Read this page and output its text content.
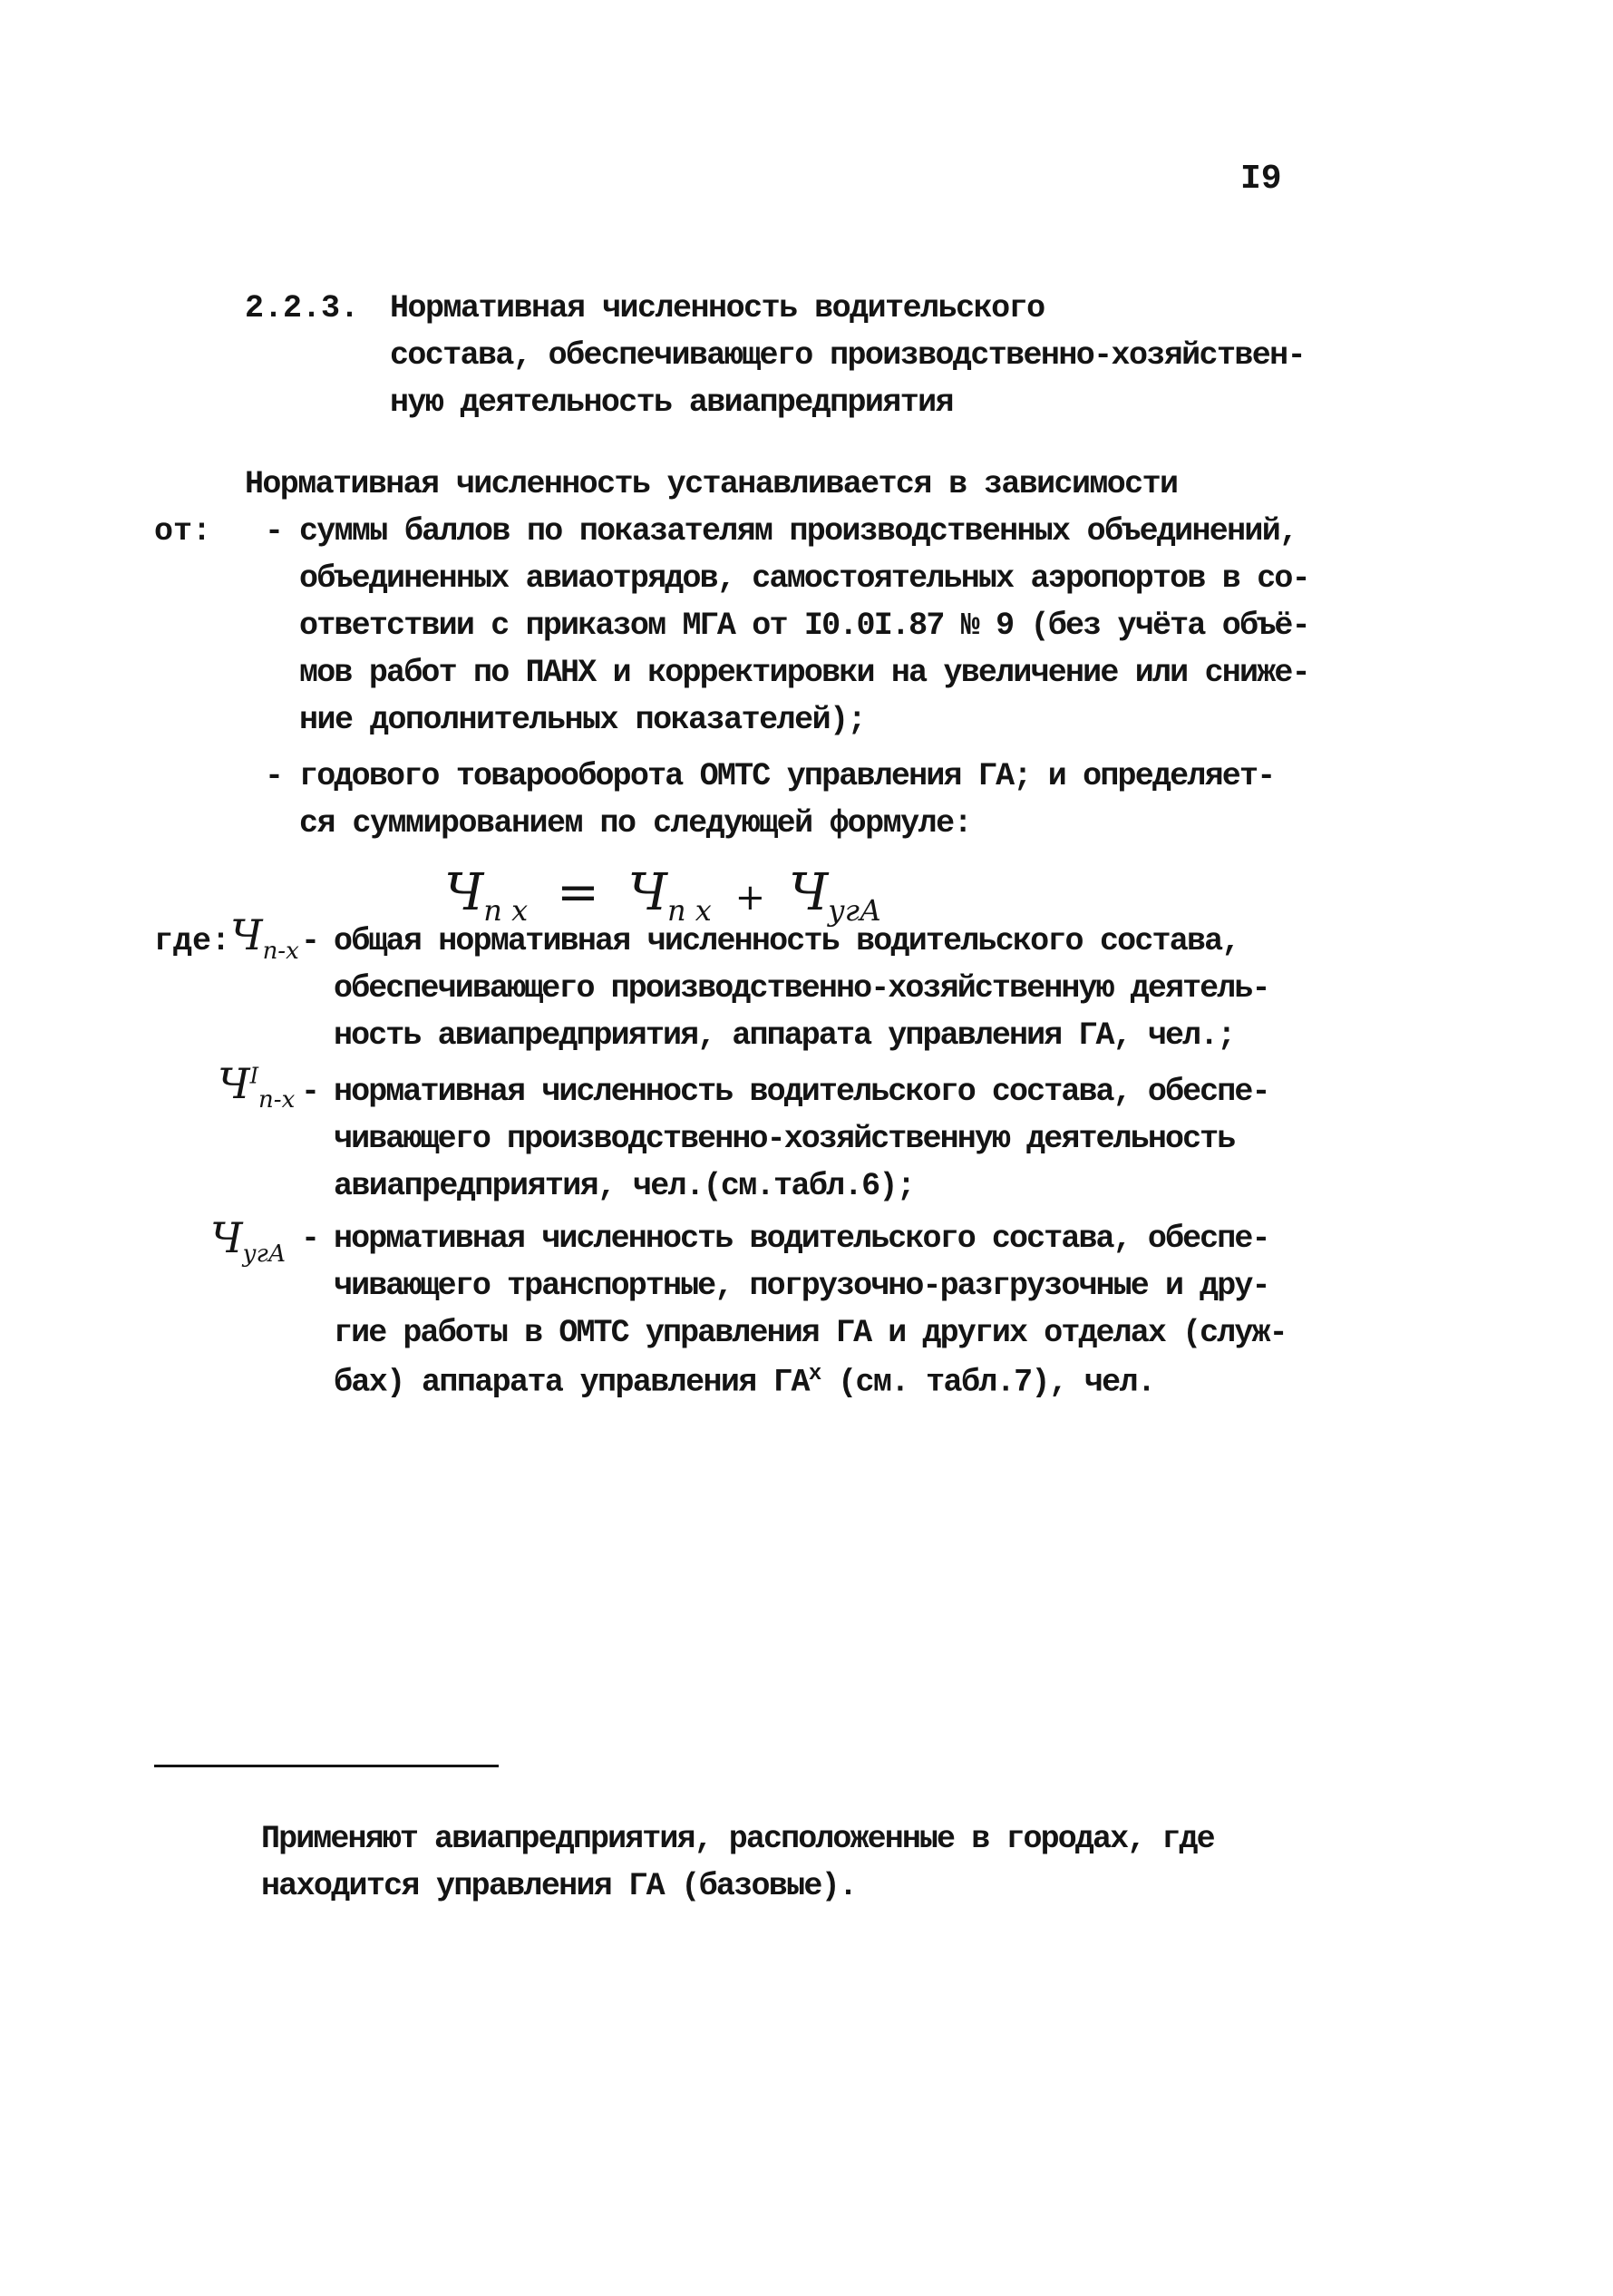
I9
2.2.3. Нормативная численность водительского
состава, обеспечивающего производственно-хозяйствен-
ную деятельность авиапредприятия
Нормативная численность устанавливается в зависимости
от: - суммы баллов по показателям производственных объединений,
объединенных авиаотрядов, самостоятельных аэропортов в со-
ответствии с приказом МГА от I0.0I.87 № 9 (без учёта объё-
мов работ по ПАНХ и корректировки на увеличение или сниже-
ние дополнительных показателей);
- годового товарооборота ОМТС управления ГА; и определяет-
ся суммированием по следующей формуле:
$Ч_{п х} = Ч_{п х} + Ч_{угА}$
где: $Ч_{п-х}$ - общая нормативная численность водительского состава,
обеспечивающего производственно-хозяйственную деятель-
ность авиапредприятия, аппарата управления ГА, чел.;
$Ч^I_{п-х}$ - нормативная численность водительского состава, обеспе-
чивающего производственно-хозяйственную деятельность
авиапредприятия, чел.(см.табл.6);
$Ч_{угА}$ - нормативная численность водительского состава, обеспе-
чивающего транспортные, погрузочно-разгрузочные и дру-
гие работы в ОМТС управления ГА и других отделах (служ-
бах) аппарата управления $ГА^х$ (см. табл.7), чел.
Применяют авиапредприятия, расположенные в городах, где
находится управления ГА (базовые).
